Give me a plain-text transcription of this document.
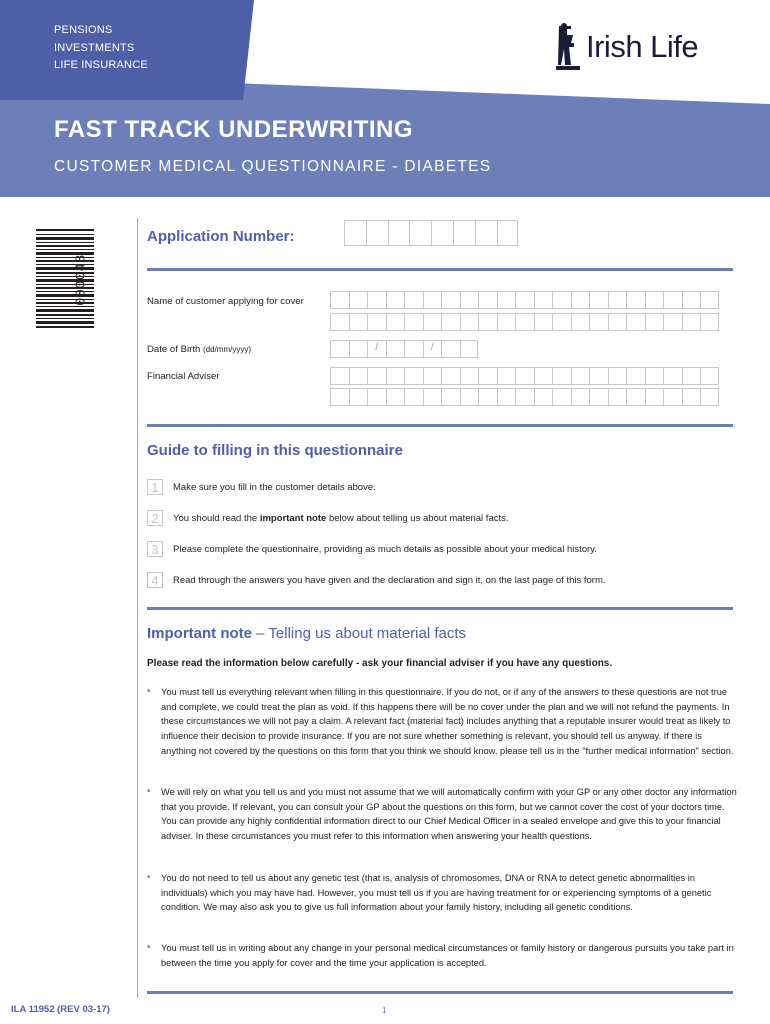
PENSIONS
INVESTMENTS
LIFE INSURANCE
Irish Life
FAST TRACK UNDERWRITING
CUSTOMER MEDICAL QUESTIONNAIRE - DIABETES
000048
Application Number:
Name of customer applying for cover
Date of Birth (dd/mm/yyyy)	/	/
Financial Adviser
Guide to filling in this questionnaire
1	Make sure you fill in the customer details above.
2	You should read the important note below about telling us about material facts.
3	Please complete the questionnaire, providing as much details as possible about your medical history.
4	Read through the answers you have given and the declaration and sign it, on the last page of this form.
Important note – Telling us about material facts
Please read the information below carefully - ask your financial adviser if you have any questions.
•	You must tell us everything relevant when filling in this questionnaire. If you do not, or if any of the answers to these questions are not true and complete, we could treat the plan as void. If this happens there will be no cover under the plan and we will not refund the payments. In these circumstances we will not pay a claim. A relevant fact (material fact) includes anything that a reputable insurer would treat as likely to influence their decision to provide insurance. If you are not sure whether something is relevant, you should tell us anyway. If there is anything not covered by the questions on this form that you think we should know, please tell us in the "further medical information" section.
•	We will rely on what you tell us and you must not assume that we will automatically confirm with your GP or any other doctor any information that you provide. If relevant, you can consult your GP about the questions on this form, but we cannot cover the cost of your doctors time. You can provide any highly confidential information direct to our Chief Medical Officer in a sealed envelope and give this to your financial adviser. In these circumstances you must refer to this information when answering your health questions.
•	You do not need to tell us about any genetic test (that is, analysis of chromosomes, DNA or RNA to detect genetic abnormalities in individuals) which you may have had. However, you must tell us if you are having treatment for or experiencing symptoms of a genetic condition. We may also ask you to give us full information about your family history, including all genetic conditions.
•	You must tell us in writing about any change in your personal medical circumstances or family history or dangerous pursuits you take part in between the time you apply for cover and the time your application is accepted.
ILA 11952 (REV 03-17)	1
